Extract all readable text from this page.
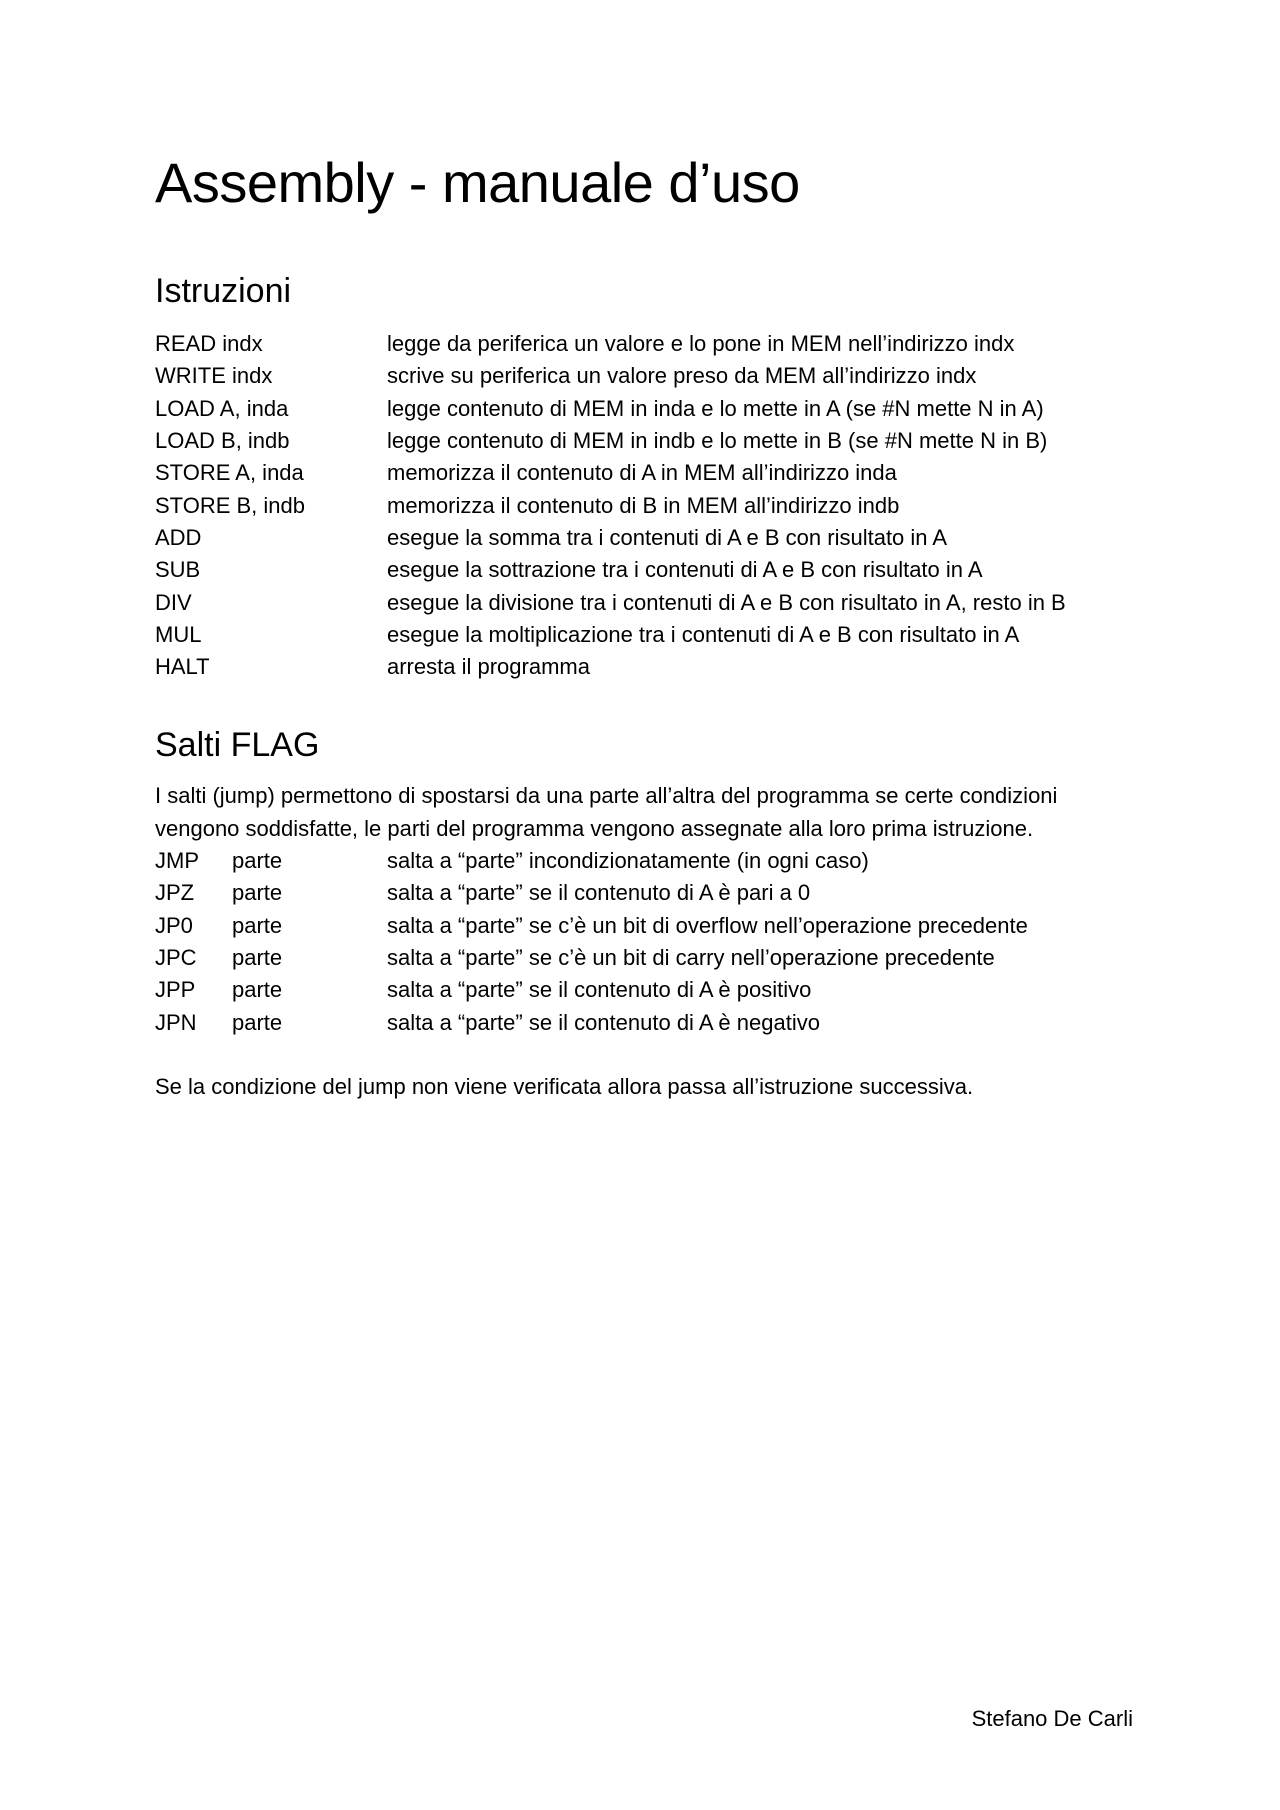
Assembly - manuale d’uso
Istruzioni
READ indx	legge da periferica un valore e lo pone in MEM nell’indirizzo indx
WRITE indx	scrive su periferica un valore preso da MEM all’indirizzo indx
LOAD A, inda	legge contenuto di MEM in inda e lo mette in A (se #N mette N in A)
LOAD B, indb	legge contenuto di MEM in indb e lo mette in B (se #N mette N in B)
STORE A, inda	memorizza il contenuto di A in MEM all’indirizzo inda
STORE B, indb	memorizza il contenuto di B in MEM all’indirizzo indb
ADD	esegue la somma tra i contenuti di A e B con risultato in A
SUB	esegue la sottrazione tra i contenuti di A e B con risultato in A
DIV	esegue la divisione tra i contenuti di A e B con risultato in A, resto in B
MUL	esegue la moltiplicazione tra i contenuti di A e B con risultato in A
HALT	arresta il programma
Salti FLAG

I salti (jump) permettono di spostarsi da una parte all’altra del programma se certe condizioni vengono soddisfatte, le parti del programma vengono assegnate alla loro prima istruzione.

JMP	parte	salta a “parte” incondizionatamente (in ogni caso)
JPZ	parte	salta a “parte” se il contenuto di A è pari a 0
JP0	parte	salta a “parte” se c’è un bit di overflow nell’operazione precedente
JPC	parte	salta a “parte” se c’è un bit di carry nell’operazione precedente
JPP	parte	salta a “parte” se il contenuto di A è positivo
JPN	parte	salta a “parte” se il contenuto di A è negativo

Se la condizione del jump non viene verificata allora passa all’istruzione successiva.

Stefano De Carli
